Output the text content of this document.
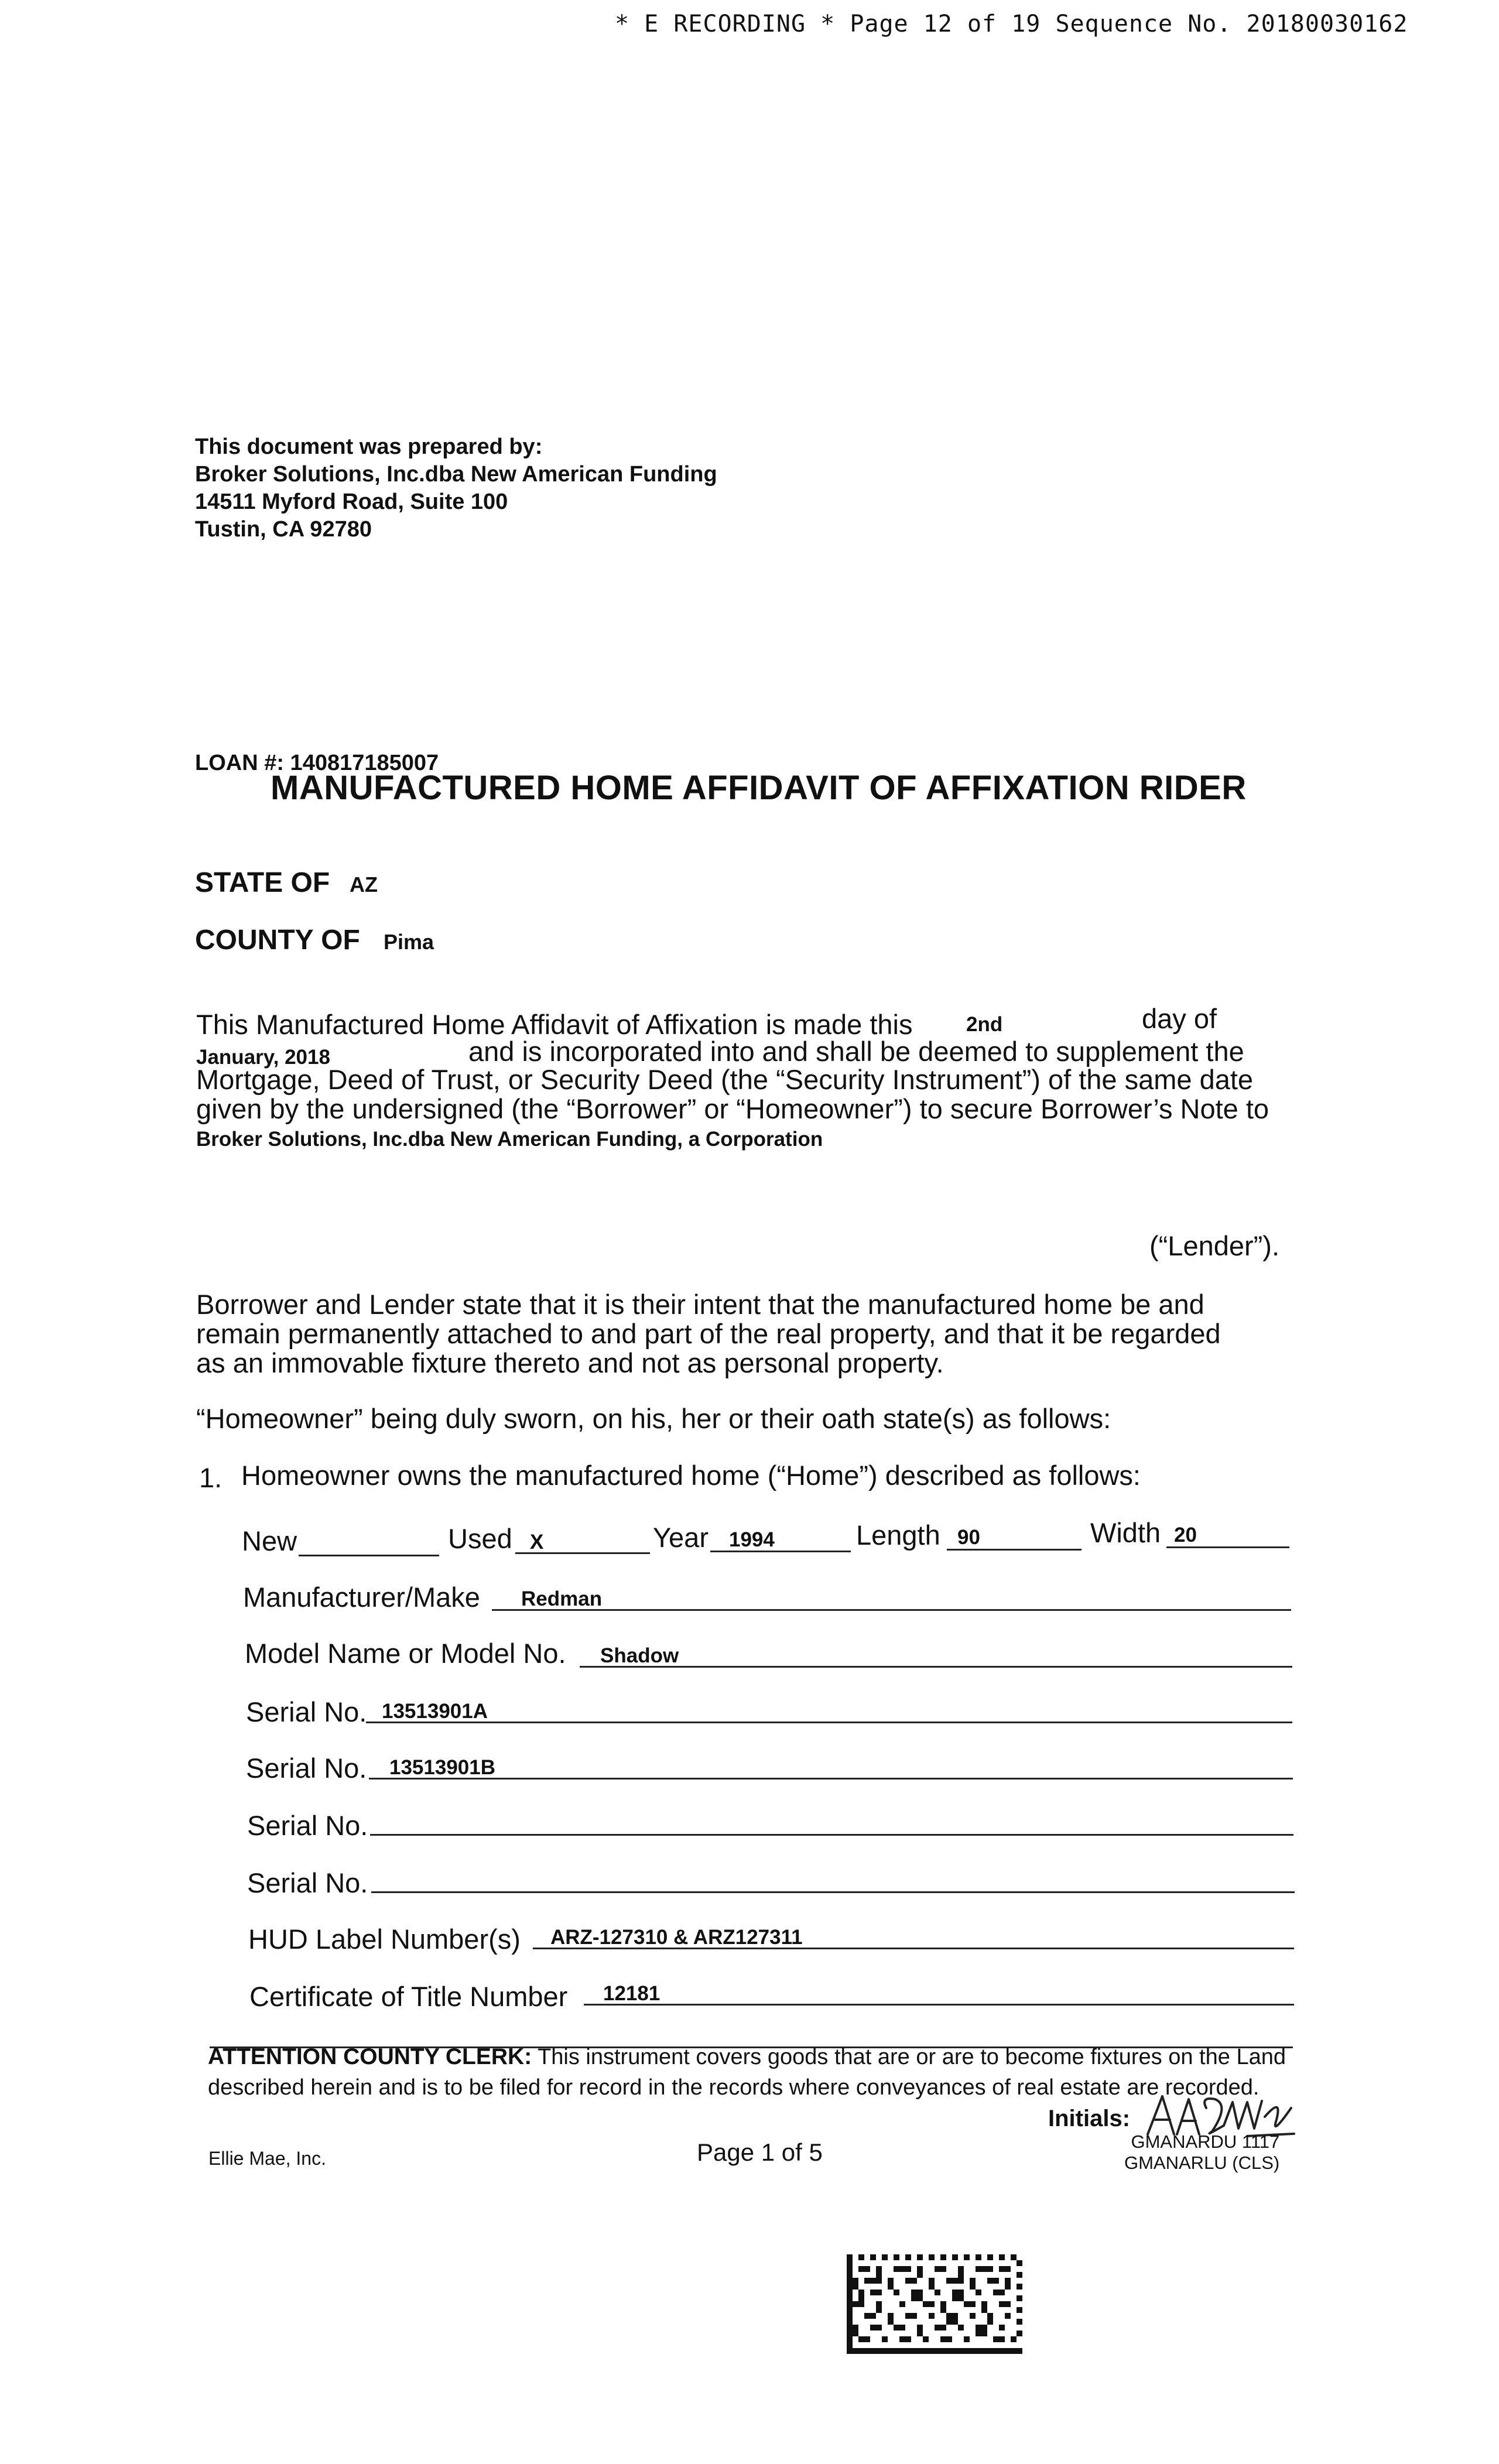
* E RECORDING * Page 12 of 19 Sequence No. 20180030162
This document was prepared by:
Broker Solutions, Inc.dba New American Funding
14511 Myford Road, Suite 100
Tustin, CA 92780
LOAN #: 140817185007
MANUFACTURED HOME AFFIDAVIT OF AFFIXATION RIDER
STATE OF AZ
COUNTY OF Pima
This Manufactured Home Affidavit of Affixation is made this	2nd	day of
January, 2018	and is incorporated into and shall be deemed to supplement the
Mortgage, Deed of Trust, or Security Deed (the “Security Instrument”) of the same date
given by the undersigned (the “Borrower” or “Homeowner”) to secure Borrower’s Note to
Broker Solutions, Inc.dba New American Funding, a Corporation
(“Lender”).
Borrower and Lender state that it is their intent that the manufactured home be and
remain permanently attached to and part of the real property, and that it be regarded
as an immovable fixture thereto and not as personal property.
“Homeowner” being duly sworn, on his, her or their oath state(s) as follows:
1. Homeowner owns the manufactured home (“Home”) described as follows:
New	Used X	Year 1994	Length 90	Width 20
Manufacturer/Make Redman
Model Name or Model No. Shadow
Serial No. 13513901A
Serial No. 13513901B
Serial No.
Serial No.
HUD Label Number(s) ARZ-127310 & ARZ127311
Certificate of Title Number 12181
ATTENTION COUNTY CLERK: This instrument covers goods that are or are to become fixtures on the Land
described herein and is to be filed for record in the records where conveyances of real estate are recorded.
Initials:
Ellie Mae, Inc.	Page 1 of 5	GMANARDU 1117
GMANARLU (CLS)
